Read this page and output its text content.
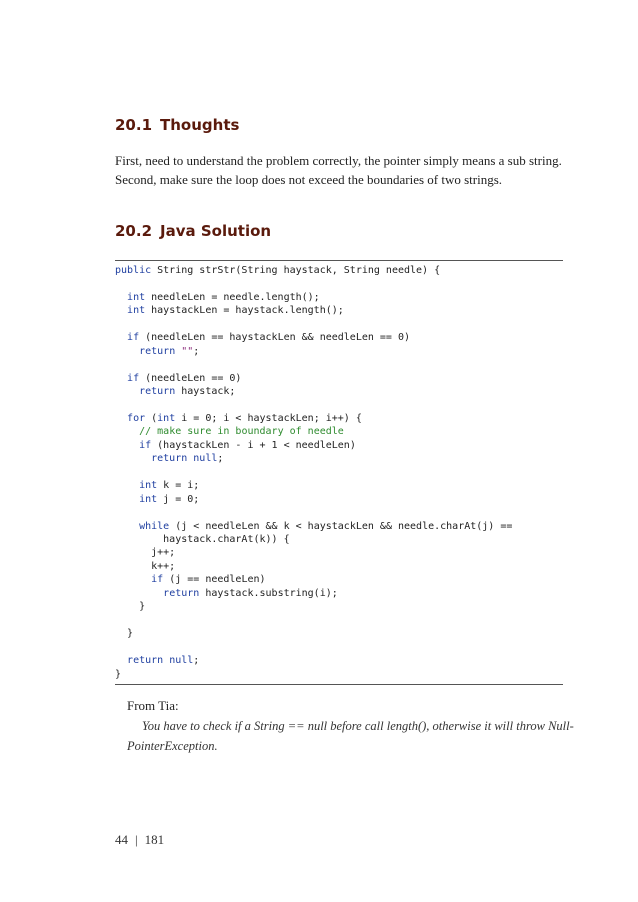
20.1 Thoughts

First, need to understand the problem correctly, the pointer simply means a sub string.
Second, make sure the loop does not exceed the boundaries of two strings.

20.2 Java Solution
public String strStr(String haystack, String needle) {
int needleLen = needle.length();
int haystackLen = haystack.length();
if (needleLen == haystackLen && needleLen == 0)
return "";
if (needleLen == 0)
return haystack;
for (int i = 0; i < haystackLen; i++) {
// make sure in boundary of needle
if (haystackLen - i + 1 < needleLen)
return null;
int k = i;
int j = 0;
while (j < needleLen && k < haystackLen && needle.charAt(j) ==
haystack.charAt(k)) {
j++;
k++;
if (j == needleLen)
return haystack.substring(i);
}
}
return null;
}
From Tia:
You have to check if a String == null before call length(), otherwise it will throw Null-
PointerException.
44 | 181
